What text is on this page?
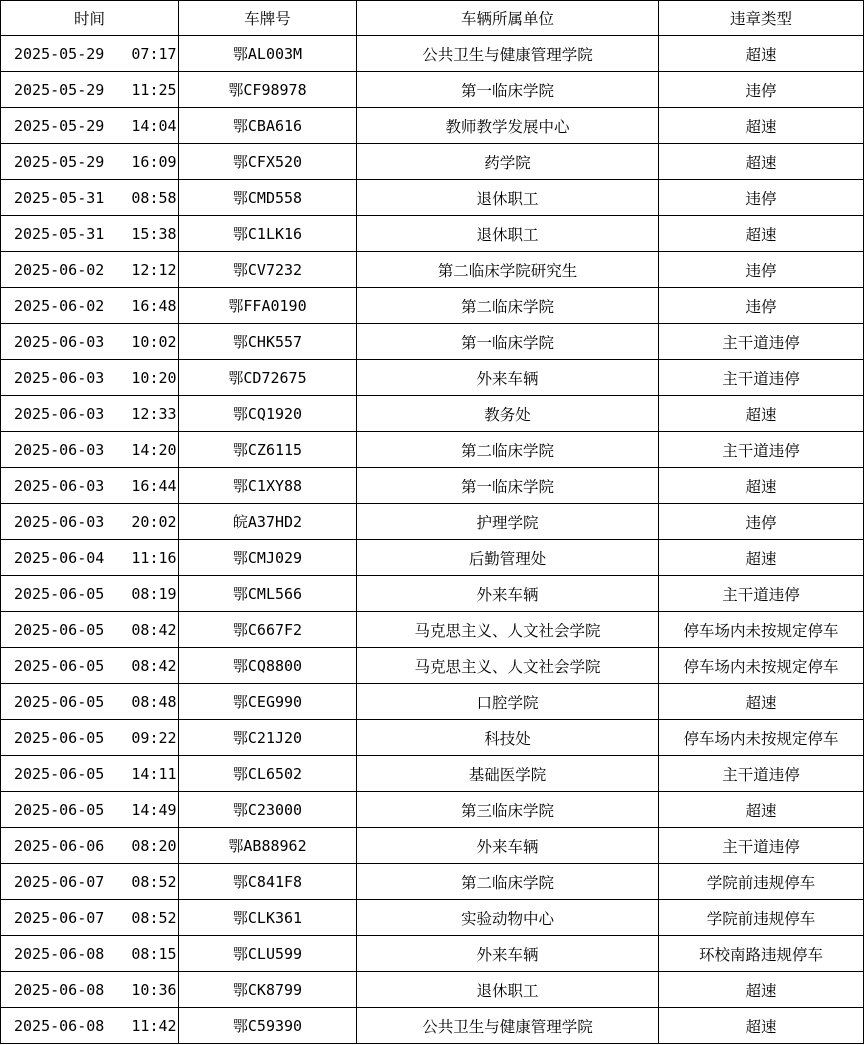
时间	车牌号	车辆所属单位	违章类型
2025-05-29   07:17	鄂AL003M	公共卫生与健康管理学院	超速
2025-05-29   11:25	鄂CF98978	第一临床学院	违停
2025-05-29   14:04	鄂CBA616	教师教学发展中心	超速
2025-05-29   16:09	鄂CFX520	药学院	超速
2025-05-31   08:58	鄂CMD558	退休职工	违停
2025-05-31   15:38	鄂C1LK16	退休职工	超速
2025-06-02   12:12	鄂CV7232	第二临床学院研究生	违停
2025-06-02   16:48	鄂FFA0190	第二临床学院	违停
2025-06-03   10:02	鄂CHK557	第一临床学院	主干道违停
2025-06-03   10:20	鄂CD72675	外来车辆	主干道违停
2025-06-03   12:33	鄂CQ1920	教务处	超速
2025-06-03   14:20	鄂CZ6115	第二临床学院	主干道违停
2025-06-03   16:44	鄂C1XY88	第一临床学院	超速
2025-06-03   20:02	皖A37HD2	护理学院	违停
2025-06-04   11:16	鄂CMJ029	后勤管理处	超速
2025-06-05   08:19	鄂CML566	外来车辆	主干道违停
2025-06-05   08:42	鄂C667F2	马克思主义、人文社会学院	停车场内未按规定停车
2025-06-05   08:42	鄂CQ8800	马克思主义、人文社会学院	停车场内未按规定停车
2025-06-05   08:48	鄂CEG990	口腔学院	超速
2025-06-05   09:22	鄂C21J20	科技处	停车场内未按规定停车
2025-06-05   14:11	鄂CL6502	基础医学院	主干道违停
2025-06-05   14:49	鄂C23000	第三临床学院	超速
2025-06-06   08:20	鄂AB88962	外来车辆	主干道违停
2025-06-07   08:52	鄂C841F8	第二临床学院	学院前违规停车
2025-06-07   08:52	鄂CLK361	实验动物中心	学院前违规停车
2025-06-08   08:15	鄂CLU599	外来车辆	环校南路违规停车
2025-06-08   10:36	鄂CK8799	退休职工	超速
2025-06-08   11:42	鄂C59390	公共卫生与健康管理学院	超速
